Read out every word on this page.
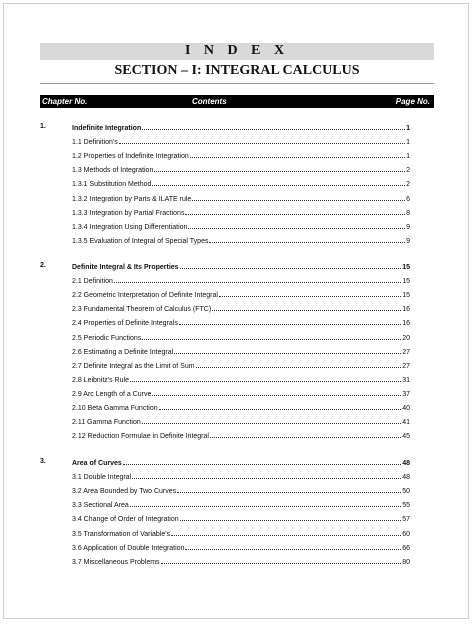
I N D E X
SECTION – I: INTEGRAL CALCULUS
Chapter No.	Contents	Page No.
1.	Indefinite Integration	1
1.1 Definition's	1
1.2 Properties of Indefinite Integration	1
1.3 Methods of Integration	2
1.3.1 Substitution Method	2
1.3.2 Integration by Parts & ILATE rule	6
1.3.3 Integration by Partial Fractions	8
1.3.4 Integration Using Differentiation	9
1.3.5 Evaluation of Integral of Special Types	9
2.	Definite Integral & Its Properties	15
2.1 Definition	15
2.2 Geometric Interpretation of Definite Integral	15
2.3 Fundamental Theorem of Calculus (FTC)	16
2.4 Properties of Definite Integrals	16
2.5 Periodic Functions	20
2.6 Estimating a Definite Integral	27
2.7 Definite Integral as the Limit of Sum	27
2.8 Leibnitz's Rule	31
2.9 Arc Length of a Curve	37
2.10 Beta Gamma Function	40
2.11 Gamma Function	41
2.12 Reduction Formulae in Definite Integral	45
3.	Area of Curves	48
3.1 Double Integral	48
3.2 Area Bounded by Two Curves	50
3.3 Sectional Area	55
3.4 Change of Order of Integration	57
3.5 Transformation of Variable's	60
3.6 Application of Double Integration	66
3.7 Miscellaneous Problems	80
